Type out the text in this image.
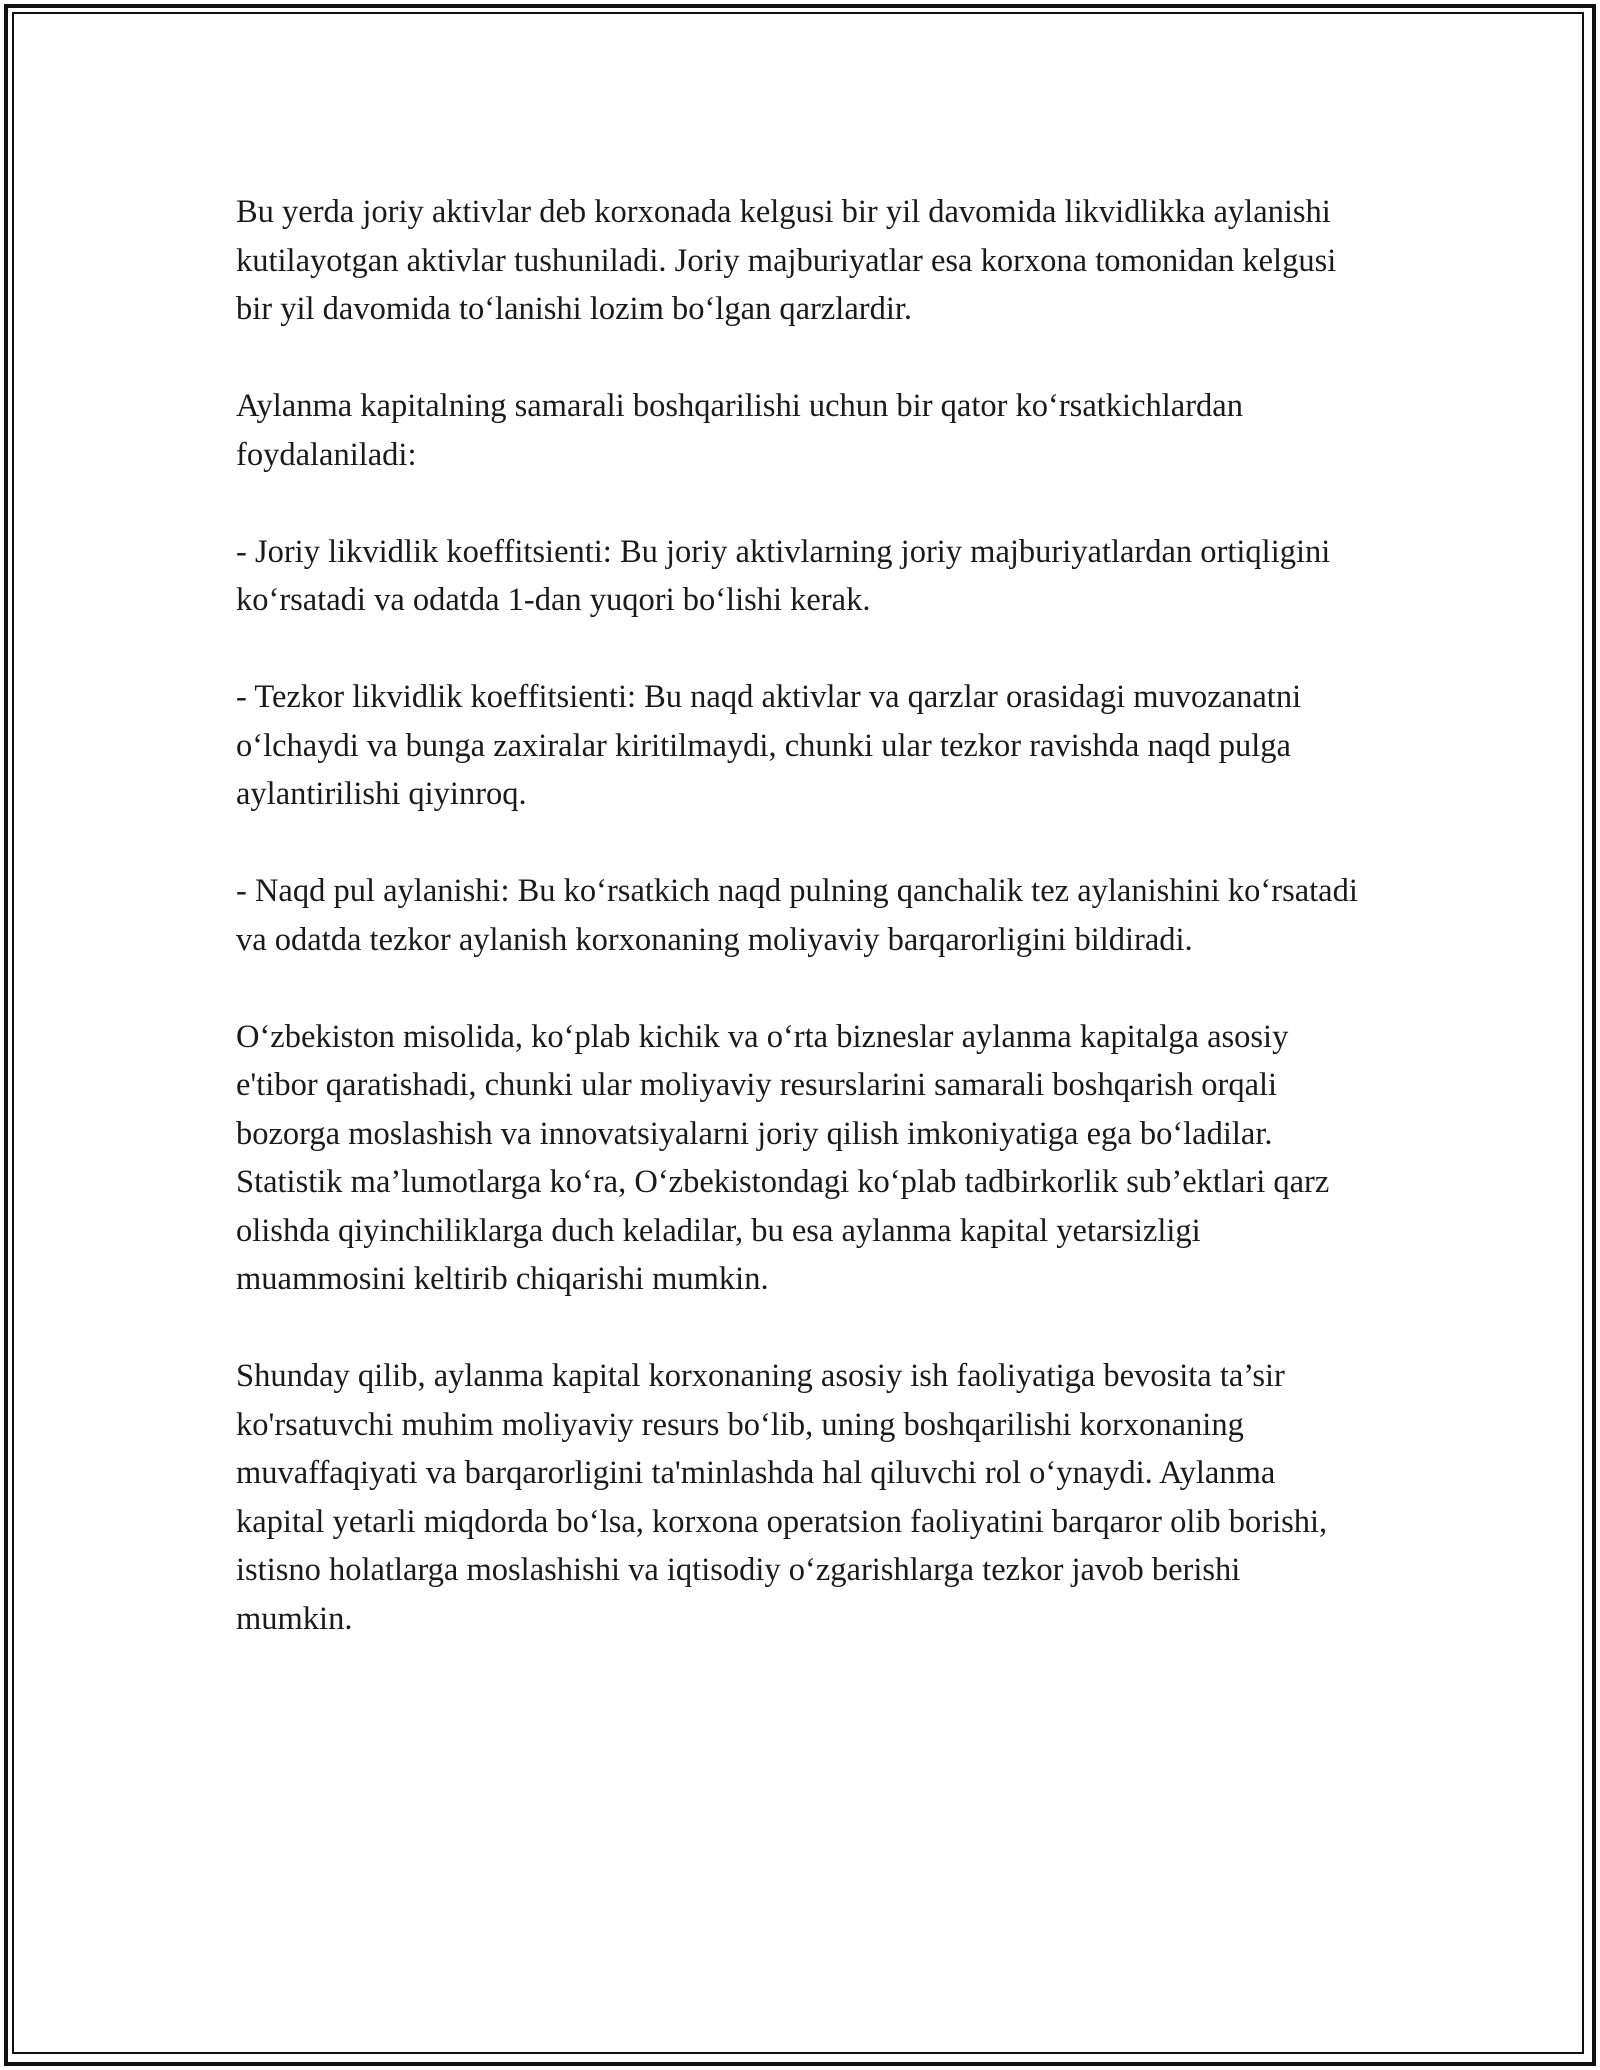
Bu yerda joriy aktivlar deb korxonada kelgusi bir yil davomida likvidlikka aylanishi kutilayotgan aktivlar tushuniladi. Joriy majburiyatlar esa korxona tomonidan kelgusi bir yil davomida to‘lanishi lozim bo‘lgan qarzlardir.

Aylanma kapitalning samarali boshqarilishi uchun bir qator ko‘rsatkichlardan foydalaniladi:

- Joriy likvidlik koeffitsienti: Bu joriy aktivlarning joriy majburiyatlardan ortiqligini ko‘rsatadi va odatda 1-dan yuqori bo‘lishi kerak.

- Tezkor likvidlik koeffitsienti: Bu naqd aktivlar va qarzlar orasidagi muvozanatni o‘lchaydi va bunga zaxiralar kiritilmaydi, chunki ular tezkor ravishda naqd pulga aylantirilishi qiyinroq.

- Naqd pul aylanishi: Bu ko‘rsatkich naqd pulning qanchalik tez aylanishini ko‘rsatadi va odatda tezkor aylanish korxonaning moliyaviy barqarorligini bildiradi.

O‘zbekiston misolida, ko‘plab kichik va o‘rta bizneslar aylanma kapitalga asosiy e'tibor qaratishadi, chunki ular moliyaviy resurslarini samarali boshqarish orqali bozorga moslashish va innovatsiyalarni joriy qilish imkoniyatiga ega bo‘ladilar. Statistik ma’lumotlarga ko‘ra, O‘zbekistondagi ko‘plab tadbirkorlik sub’ektlari qarz olishda qiyinchiliklarga duch keladilar, bu esa aylanma kapital yetarsizligi muammosini keltirib chiqarishi mumkin.

Shunday qilib, aylanma kapital korxonaning asosiy ish faoliyatiga bevosita ta’sir ko'rsatuvchi muhim moliyaviy resurs bo‘lib, uning boshqarilishi korxonaning muvaffaqiyati va barqarorligini ta'minlashda hal qiluvchi rol o‘ynaydi. Aylanma kapital yetarli miqdorda bo‘lsa, korxona operatsion faoliyatini barqaror olib borishi, istisno holatlarga moslashishi va iqtisodiy o‘zgarishlarga tezkor javob berishi mumkin.
